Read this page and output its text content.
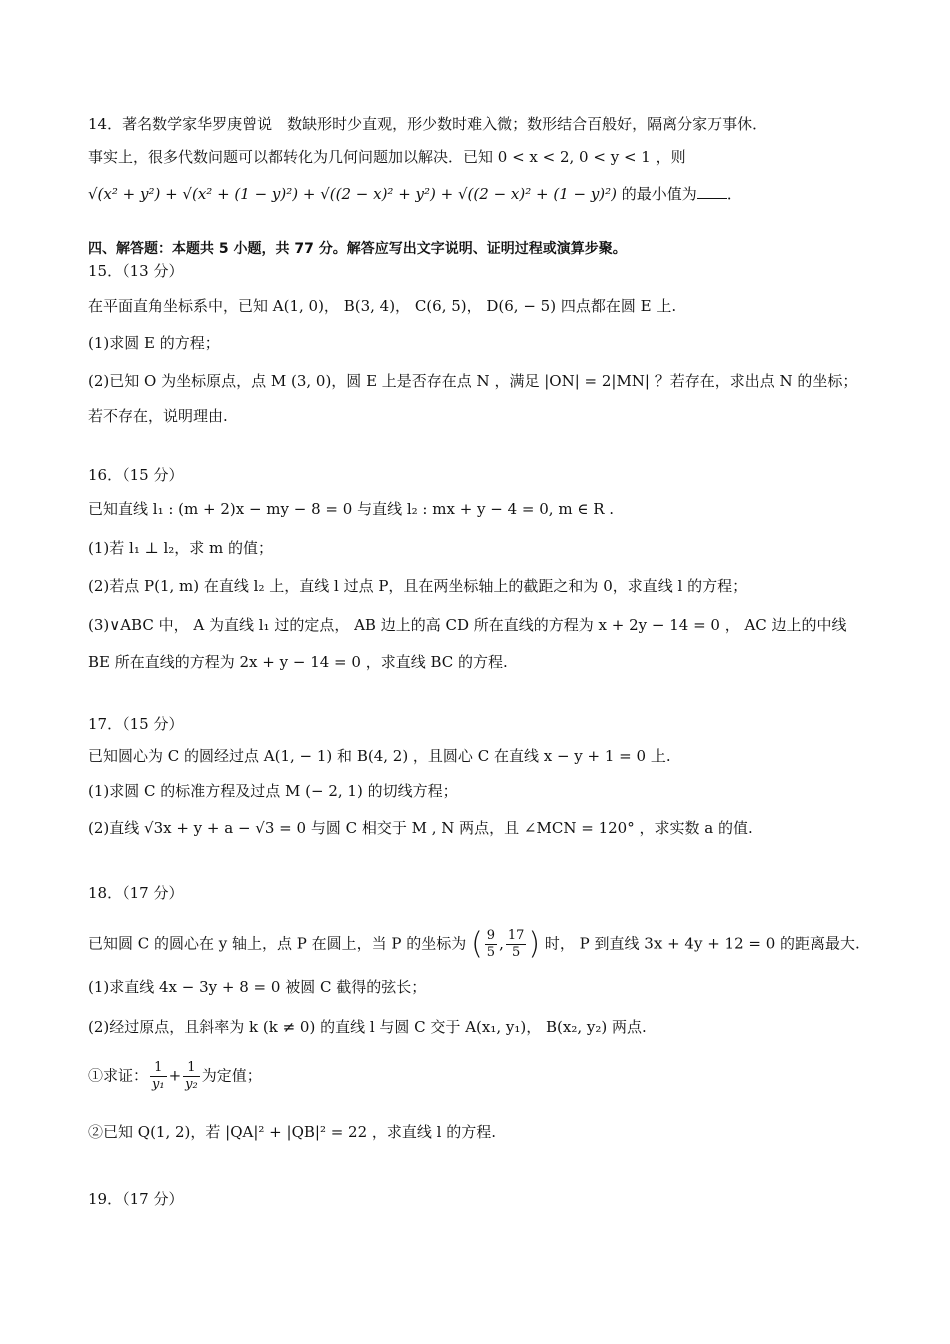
14．著名数学家华罗庚曾说　数缺形时少直观，形少数时难入微；数形结合百般好，隔离分家万事休．
事实上，很多代数问题可以都转化为几何问题加以解决．已知 0 < x < 2, 0 < y < 1 ，则
√(x² + y²) + √(x² + (1 − y)²) + √((2 − x)² + y²) + √((2 − x)² + (1 − y)²) 的最小值为 ．
四、解答题：本题共 5 小题，共 77 分。解答应写出文字说明、证明过程或演算步聚。
15．（13 分）
在平面直角坐标系中，已知 A(1, 0)， B(3, 4)， C(6, 5)， D(6, − 5) 四点都在圆 E 上.
(1)求圆 E 的方程；
(2)已知 O 为坐标原点，点 M (3, 0)，圆 E 上是否存在点 N ，满足 |ON| = 2|MN| ？若存在，求出点 N 的坐标；
若不存在，说明理由.
16．（15 分）
已知直线 l₁ : (m + 2)x − my − 8 = 0 与直线 l₂ : mx + y − 4 = 0, m ∈ R .
(1)若 l₁ ⊥ l₂，求 m 的值；
(2)若点 P(1, m) 在直线 l₂ 上，直线 l 过点 P，且在两坐标轴上的截距之和为 0，求直线 l 的方程；
(3)∨ABC 中， A 为直线 l₁ 过的定点， AB 边上的高 CD 所在直线的方程为 x + 2y − 14 = 0 ， AC 边上的中线
BE 所在直线的方程为 2x + y − 14 = 0 ，求直线 BC 的方程.
17．（15 分）
已知圆心为 C 的圆经过点 A(1, − 1) 和 B(4, 2) ，且圆心 C 在直线 x − y + 1 = 0 上.
(1)求圆 C 的标准方程及过点 M (− 2, 1) 的切线方程；
(2)直线 √3x + y + a − √3 = 0 与圆 C 相交于 M , N 两点，且 ∠MCN = 120° ，求实数 a 的值.
18．（17 分）
已知圆 C 的圆心在 y 轴上，点 P 在圆上，当 P 的坐标为 ( $\frac{9}{5}$ , $\frac{17}{5}$ ) 时， P 到直线 3x + 4y + 12 = 0 的距离最大.
(1)求直线 4x − 3y + 8 = 0 被圆 C 截得的弦长；
(2)经过原点，且斜率为 k (k ≠ 0) 的直线 l 与圆 C 交于 A(x₁, y₁)， B(x₂, y₂) 两点.
①求证： $\frac{1}{\text{y₁}} + \frac{1}{\text{y₂}}$ 为定值；
②已知 Q(1, 2)，若 |QA|² + |QB|² = 22 ，求直线 l 的方程.
19．（17 分）
